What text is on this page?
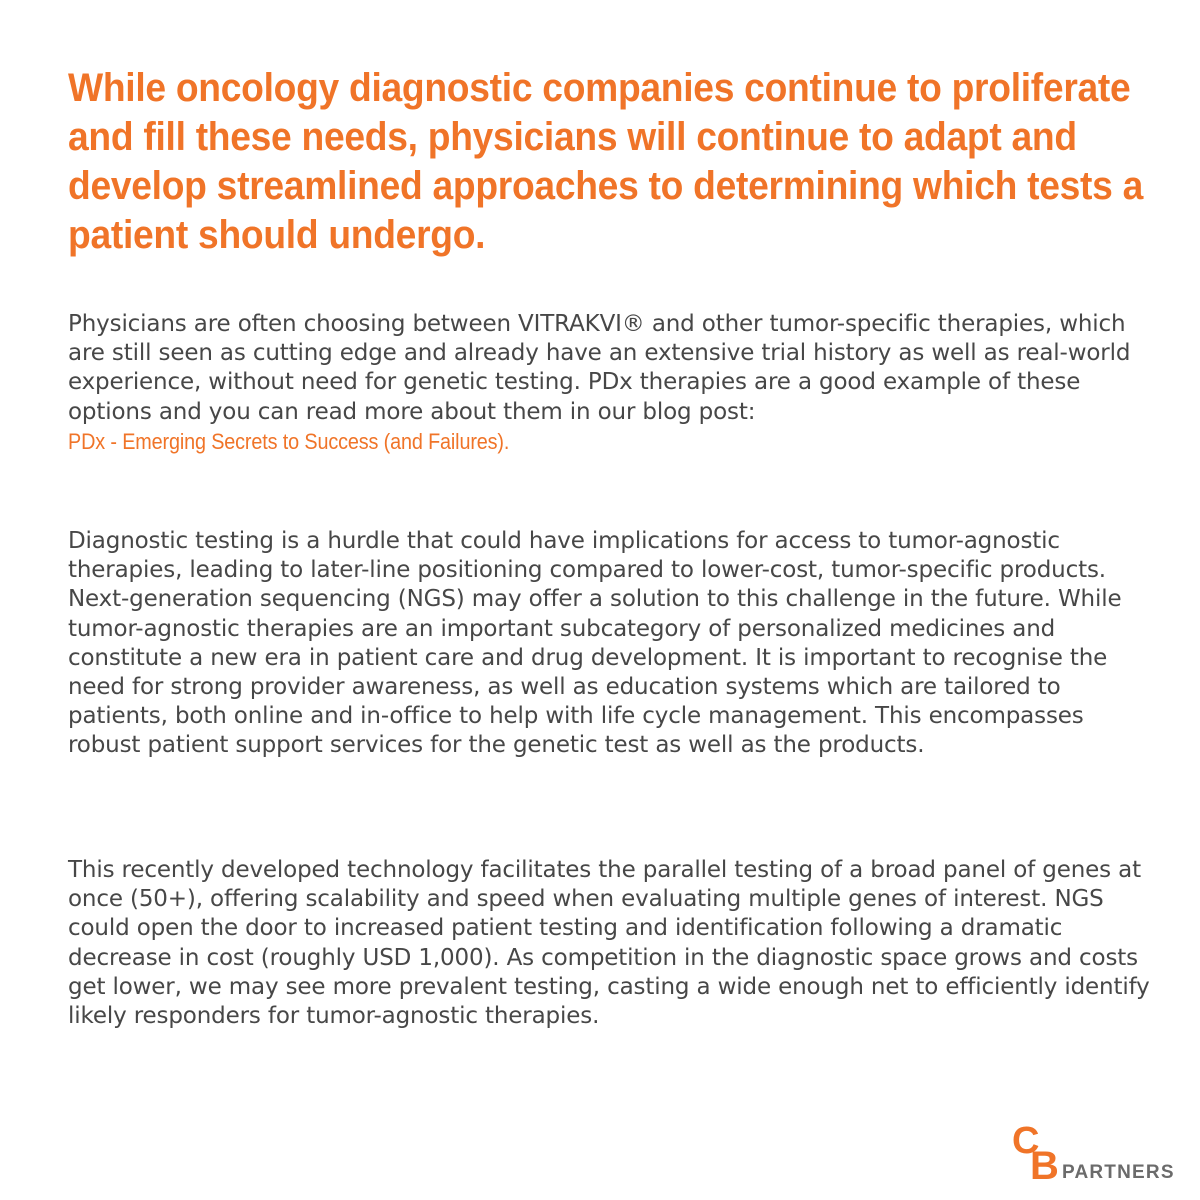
While oncology diagnostic companies continue to proliferate and fill these needs, physicians will continue to adapt and develop streamlined approaches to determining which tests a patient should undergo.

Physicians are often choosing between VITRAKVI® and other tumor-specific therapies, which are still seen as cutting edge and already have an extensive trial history as well as real-world experience, without need for genetic testing. PDx therapies are a good example of these options and you can read more about them in our blog post:
PDx - Emerging Secrets to Success (and Failures).

Diagnostic testing is a hurdle that could have implications for access to tumor-agnostic therapies, leading to later-line positioning compared to lower-cost, tumor-specific products. Next-generation sequencing (NGS) may offer a solution to this challenge in the future. While tumor-agnostic therapies are an important subcategory of personalized medicines and constitute a new era in patient care and drug development. It is important to recognise the need for strong provider awareness, as well as education systems which are tailored to patients, both online and in-office to help with life cycle management. This encompasses robust patient support services for the genetic test as well as the products.

This recently developed technology facilitates the parallel testing of a broad panel of genes at once (50+), offering scalability and speed when evaluating multiple genes of interest. NGS could open the door to increased patient testing and identification following a dramatic decrease in cost (roughly USD 1,000). As competition in the diagnostic space grows and costs get lower, we may see more prevalent testing, casting a wide enough net to efficiently identify likely responders for tumor-agnostic therapies.

C
B PARTNERS
